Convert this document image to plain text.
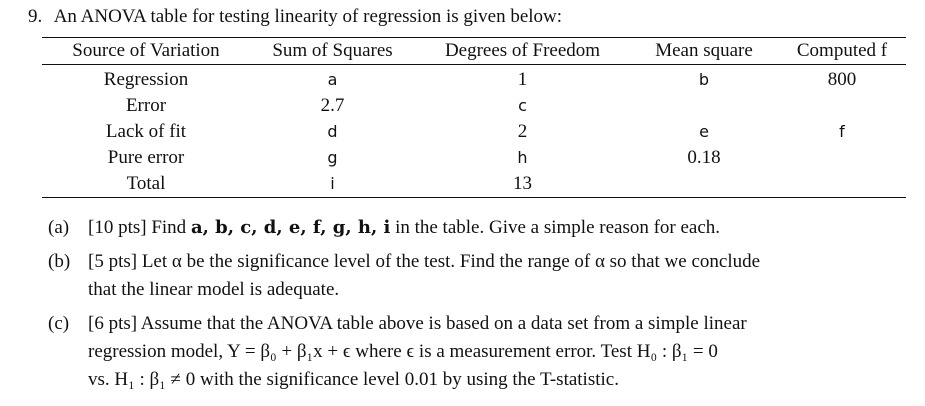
9. An ANOVA table for testing linearity of regression is given below:
Source of Variation	Sum of Squares	Degrees of Freedom	Mean square	Computed f
Regression	a	1	b	800
Error	2.7	c		
Lack of fit	d	2	e	f
Pure error	g	h	0.18	
Total	i	13		
(a) [10 pts] Find a, b, c, d, e, f, g, h, i in the table. Give a simple reason for each.
(b) [5 pts] Let α be the significance level of the test. Find the range of α so that we conclude
that the linear model is adequate.
(c) [6 pts] Assume that the ANOVA table above is based on a data set from a simple linear
regression model, Y = β₀ + β₁x + ϵ where ϵ is a measurement error. Test H₀ : β₁ = 0
vs. H₁ : β₁ ≠ 0 with the significance level 0.01 by using the T-statistic.
